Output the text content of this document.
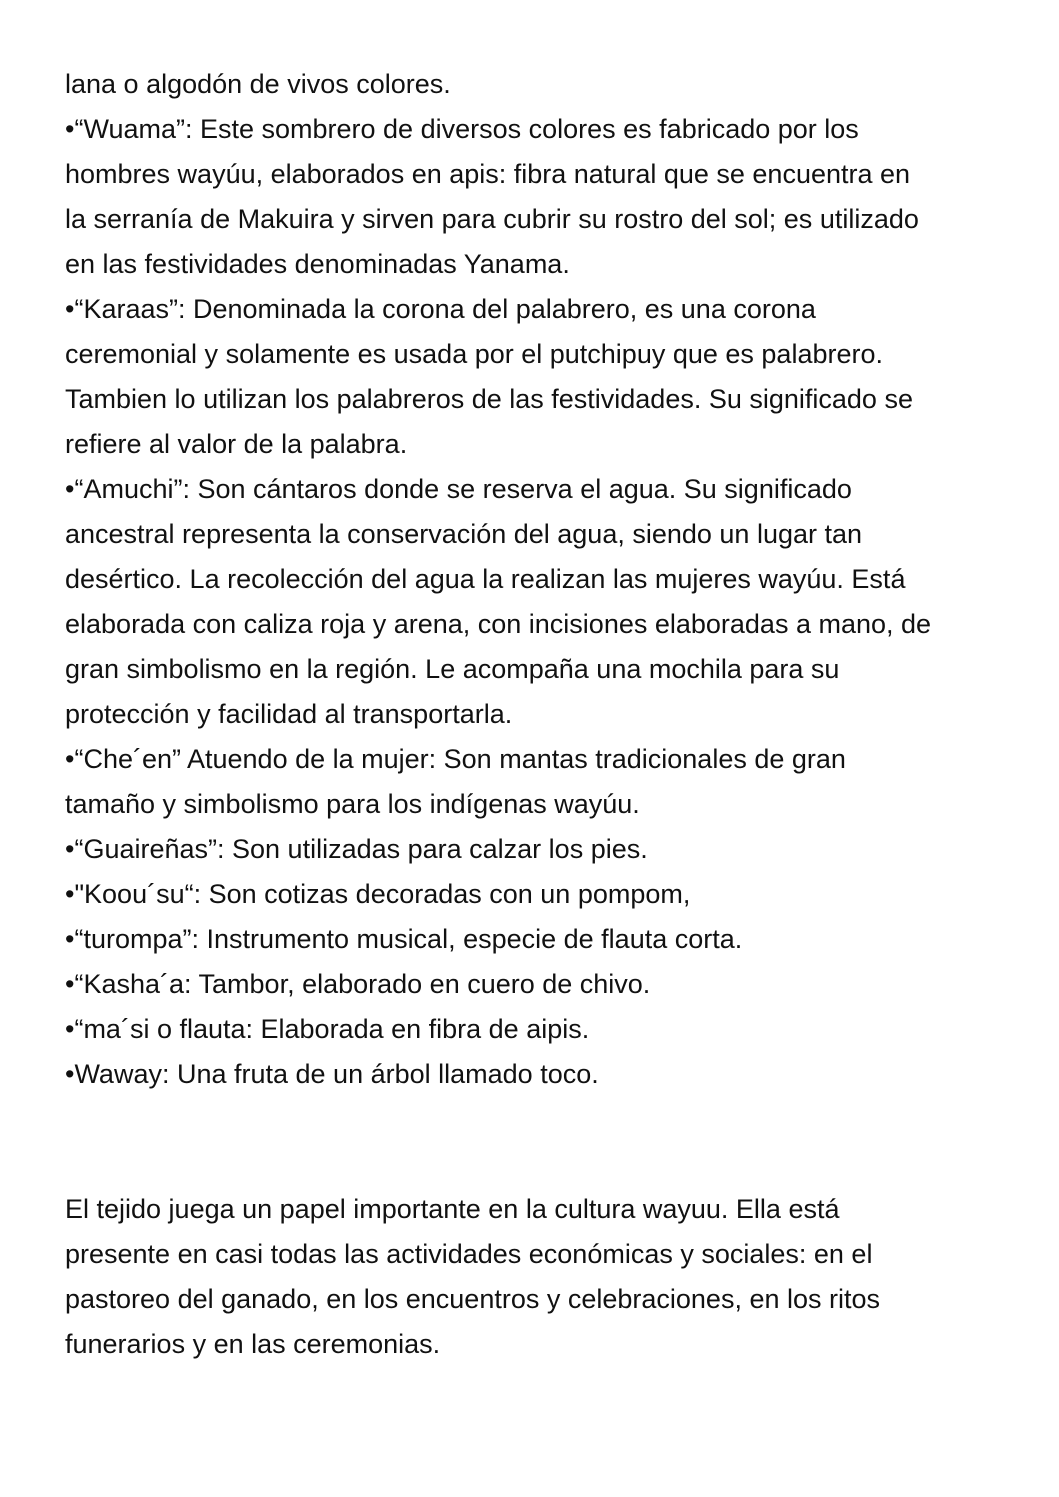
lana o algodón de vivos colores.

•“Wuama”: Este sombrero de diversos colores es fabricado por los

hombres wayúu, elaborados en apis: fibra natural que se encuentra en

la serranía de Makuira y sirven para cubrir su rostro del sol; es utilizado

en las festividades denominadas Yanama.

•“Karaas”: Denominada la corona del palabrero, es una corona

ceremonial y solamente es usada por el putchipuy que es palabrero.

Tambien lo utilizan los palabreros de las festividades. Su significado se

refiere al valor de la palabra.

•“Amuchi”: Son cántaros donde se reserva el agua. Su significado

ancestral representa la conservación del agua, siendo un lugar tan

desértico. La recolección del agua la realizan las mujeres wayúu. Está

elaborada con caliza roja y arena, con incisiones elaboradas a mano, de

gran simbolismo en la región. Le acompaña una mochila para su

protección y facilidad al transportarla.

•“Che´en” Atuendo de la mujer: Son mantas tradicionales de gran

tamaño y simbolismo para los indígenas wayúu.

•“Guaireñas”: Son utilizadas para calzar los pies.

•"Koou´su“: Son cotizas decoradas con un pompom,

•“turompa”: Instrumento musical, especie de flauta corta.

•“Kasha´a: Tambor, elaborado en cuero de chivo.

•“ma´si o flauta: Elaborada en fibra de aipis.

•Waway: Una fruta de un árbol llamado toco.

El tejido juega un papel importante en la cultura wayuu. Ella está

presente en casi todas las actividades económicas y sociales: en el

pastoreo del ganado, en los encuentros y celebraciones, en los ritos

funerarios y en las ceremonias.
